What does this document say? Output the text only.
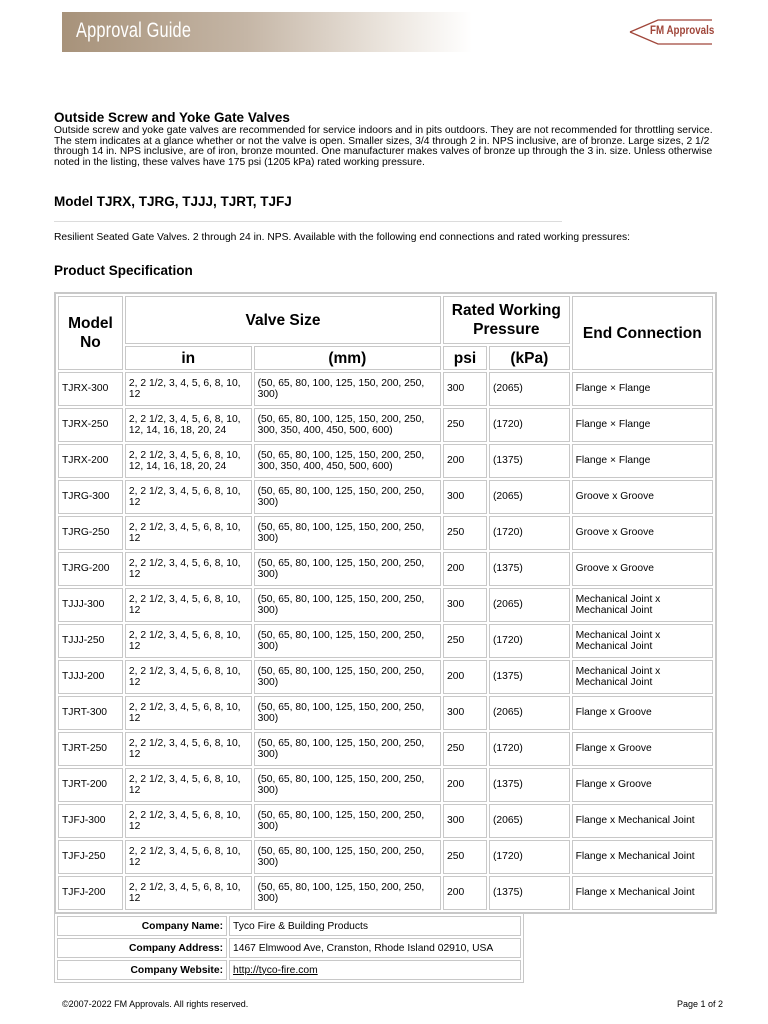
Approval Guide	FM Approvals
Outside Screw and Yoke Gate Valves
Outside screw and yoke gate valves are recommended for service indoors and in pits outdoors. They are not recommended for throttling service. The stem indicates at a glance whether or not the valve is open. Smaller sizes, 3/4 through 2 in. NPS inclusive, are of bronze. Large sizes, 2 1/2 through 14 in. NPS inclusive, are of iron, bronze mounted. One manufacturer makes valves of bronze up through the 3 in. size. Unless otherwise noted in the listing, these valves have 175 psi (1205 kPa) rated working pressure.
Model TJRX, TJRG, TJJJ, TJRT, TJFJ
Resilient Seated Gate Valves. 2 through 24 in. NPS. Available with the following end connections and rated working pressures:
Product Specification
Model No	Valve Size		Rated Working Pressure		End Connection
	in	(mm)	psi	(kPa)	
TJRX-300	2, 2 1/2, 3, 4, 5, 6, 8, 10, 12	(50, 65, 80, 100, 125, 150, 200, 250, 300)	300	(2065)	Flange × Flange
TJRX-250	2, 2 1/2, 3, 4, 5, 6, 8, 10, 12, 14, 16, 18, 20, 24	(50, 65, 80, 100, 125, 150, 200, 250, 300, 350, 400, 450, 500, 600)	250	(1720)	Flange × Flange
TJRX-200	2, 2 1/2, 3, 4, 5, 6, 8, 10, 12, 14, 16, 18, 20, 24	(50, 65, 80, 100, 125, 150, 200, 250, 300, 350, 400, 450, 500, 600)	200	(1375)	Flange × Flange
TJRG-300	2, 2 1/2, 3, 4, 5, 6, 8, 10, 12	(50, 65, 80, 100, 125, 150, 200, 250, 300)	300	(2065)	Groove x Groove
TJRG-250	2, 2 1/2, 3, 4, 5, 6, 8, 10, 12	(50, 65, 80, 100, 125, 150, 200, 250, 300)	250	(1720)	Groove x Groove
TJRG-200	2, 2 1/2, 3, 4, 5, 6, 8, 10, 12	(50, 65, 80, 100, 125, 150, 200, 250, 300)	200	(1375)	Groove x Groove
TJJJ-300	2, 2 1/2, 3, 4, 5, 6, 8, 10, 12	(50, 65, 80, 100, 125, 150, 200, 250, 300)	300	(2065)	Mechanical Joint x Mechanical Joint
TJJJ-250	2, 2 1/2, 3, 4, 5, 6, 8, 10, 12	(50, 65, 80, 100, 125, 150, 200, 250, 300)	250	(1720)	Mechanical Joint x Mechanical Joint
TJJJ-200	2, 2 1/2, 3, 4, 5, 6, 8, 10, 12	(50, 65, 80, 100, 125, 150, 200, 250, 300)	200	(1375)	Mechanical Joint x Mechanical Joint
TJRT-300	2, 2 1/2, 3, 4, 5, 6, 8, 10, 12	(50, 65, 80, 100, 125, 150, 200, 250, 300)	300	(2065)	Flange x Groove
TJRT-250	2, 2 1/2, 3, 4, 5, 6, 8, 10, 12	(50, 65, 80, 100, 125, 150, 200, 250, 300)	250	(1720)	Flange x Groove
TJRT-200	2, 2 1/2, 3, 4, 5, 6, 8, 10, 12	(50, 65, 80, 100, 125, 150, 200, 250, 300)	200	(1375)	Flange x Groove
TJFJ-300	2, 2 1/2, 3, 4, 5, 6, 8, 10, 12	(50, 65, 80, 100, 125, 150, 200, 250, 300)	300	(2065)	Flange x Mechanical Joint
TJFJ-250	2, 2 1/2, 3, 4, 5, 6, 8, 10, 12	(50, 65, 80, 100, 125, 150, 200, 250, 300)	250	(1720)	Flange x Mechanical Joint
TJFJ-200	2, 2 1/2, 3, 4, 5, 6, 8, 10, 12	(50, 65, 80, 100, 125, 150, 200, 250, 300)	200	(1375)	Flange x Mechanical Joint
Company Name:	Tyco Fire & Building Products
Company Address:	1467 Elmwood Ave, Cranston, Rhode Island 02910, USA
Company Website:	http://tyco-fire.com
©2007-2022 FM Approvals. All rights reserved.	Page 1 of 2
